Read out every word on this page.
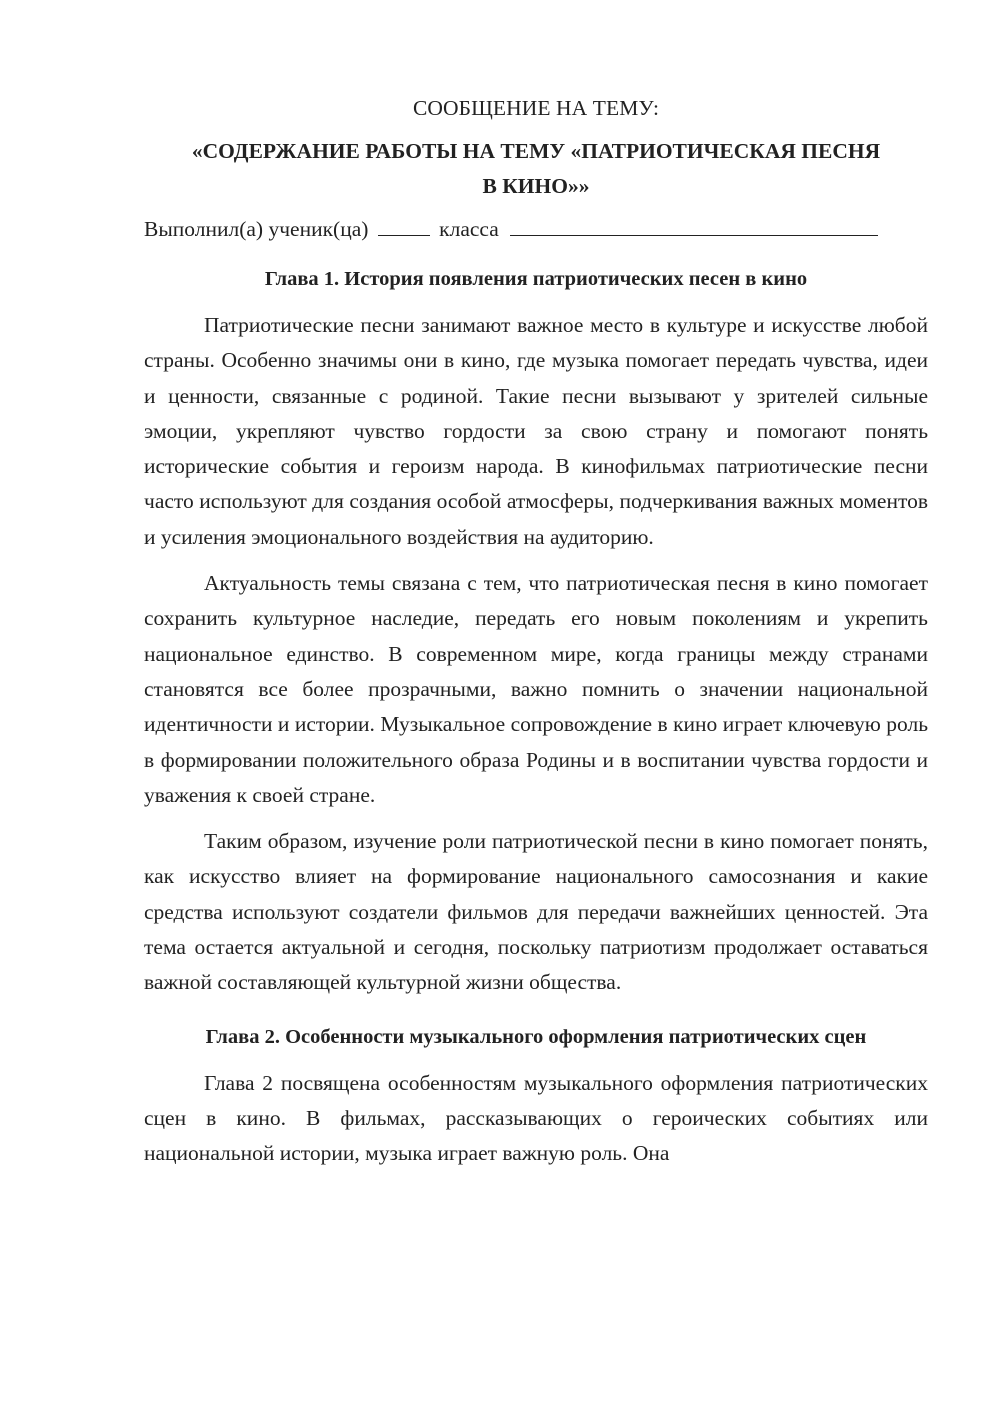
СООБЩЕНИЕ НА ТЕМУ:
«СОДЕРЖАНИЕ РАБОТЫ НА ТЕМУ «ПАТРИОТИЧЕСКАЯ ПЕСНЯ
В КИНО»»
Выполнил(а) ученик(ца)	класса
Глава 1. История появления патриотических песен в кино

Патриотические песни занимают важное место в культуре и искусстве любой страны. Особенно значимы они в кино, где музыка помогает передать чувства, идеи и ценности, связанные с родиной. Такие песни вызывают у зрителей сильные эмоции, укрепляют чувство гордости за свою страну и помогают понять исторические события и героизм народа. В кинофильмах патриотические песни часто используют для создания особой атмосферы, подчеркивания важных моментов и усиления эмоционального воздействия на аудиторию.

Актуальность темы связана с тем, что патриотическая песня в кино помогает сохранить культурное наследие, передать его новым поколениям и укрепить национальное единство. В современном мире, когда границы между странами становятся все более прозрачными, важно помнить о значении национальной идентичности и истории. Музыкальное сопровождение в кино играет ключевую роль в формировании положительного образа Родины и в воспитании чувства гордости и уважения к своей стране.

Таким образом, изучение роли патриотической песни в кино помогает понять, как искусство влияет на формирование национального самосознания и какие средства используют создатели фильмов для передачи важнейших ценностей. Эта тема остается актуальной и сегодня, поскольку патриотизм продолжает оставаться важной составляющей культурной жизни общества.

Глава 2. Особенности музыкального оформления патриотических сцен

Глава 2 посвящена особенностям музыкального оформления патриотических сцен в кино. В фильмах, рассказывающих о героических событиях или национальной истории, музыка играет важную роль. Она
